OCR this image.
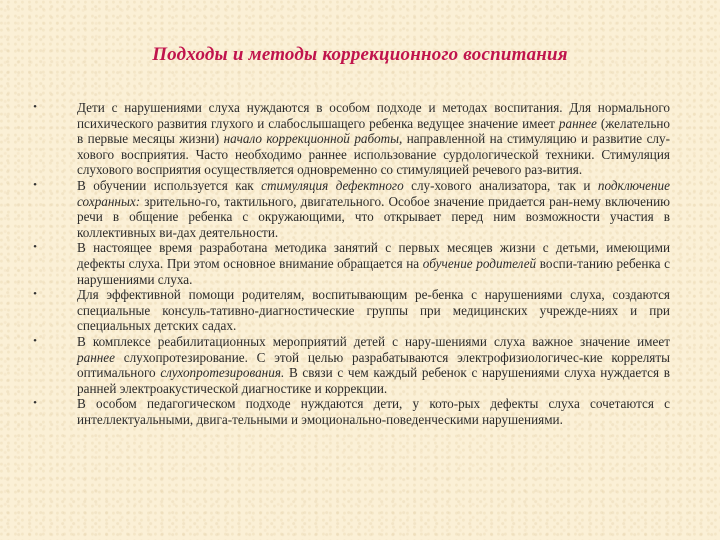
Подходы и методы коррекционного воспитания
•	Дети с нарушениями слуха нуждаются в особом подходе и методах воспитания. Для нормального психического развития глухого и слабослышащего ребенка ведущее значение имеет раннее (желательно в первые месяцы жизни) начало коррекционной работы, направленной на стимуляцию и развитие слу-хового восприятия. Часто необходимо раннее использование сурдологической техники. Стимуляция слухового восприятия осуществляется одновременно со стимуляцией речевого раз-вития.
•	В обучении используется как стимуляция дефектного слу-хового анализатора, так и подключение сохранных: зрительно-го, тактильного, двигательного. Особое значение придается ран-нему включению речи в общение ребенка с окружающими, что открывает перед ним возможности участия в коллективных ви-дах деятельности.
•	В настоящее время разработана методика занятий с первых месяцев жизни с детьми, имеющими дефекты слуха. При этом основное внимание обращается на обучение родителей воспи-танию ребенка с нарушениями слуха.
•	Для эффективной помощи родителям, воспитывающим ре-бенка с нарушениями слуха, создаются специальные консуль-тативно-диагностические группы при медицинских учрежде-ниях и при специальных детских садах.
•	В комплексе реабилитационных мероприятий детей с нару-шениями слуха важное значение имеет раннее слухопротезирование. С этой целью разрабатываются электрофизиологичес-кие корреляты оптимального слухопротезирования. В связи с чем каждый ребенок с нарушениями слуха нуждается в ранней электроакустической диагностике и коррекции.
•	В особом педагогическом подходе нуждаются дети, у кото-рых дефекты слуха сочетаются с интеллектуальными, двига-тельными и эмоционально-поведенческими нарушениями.
